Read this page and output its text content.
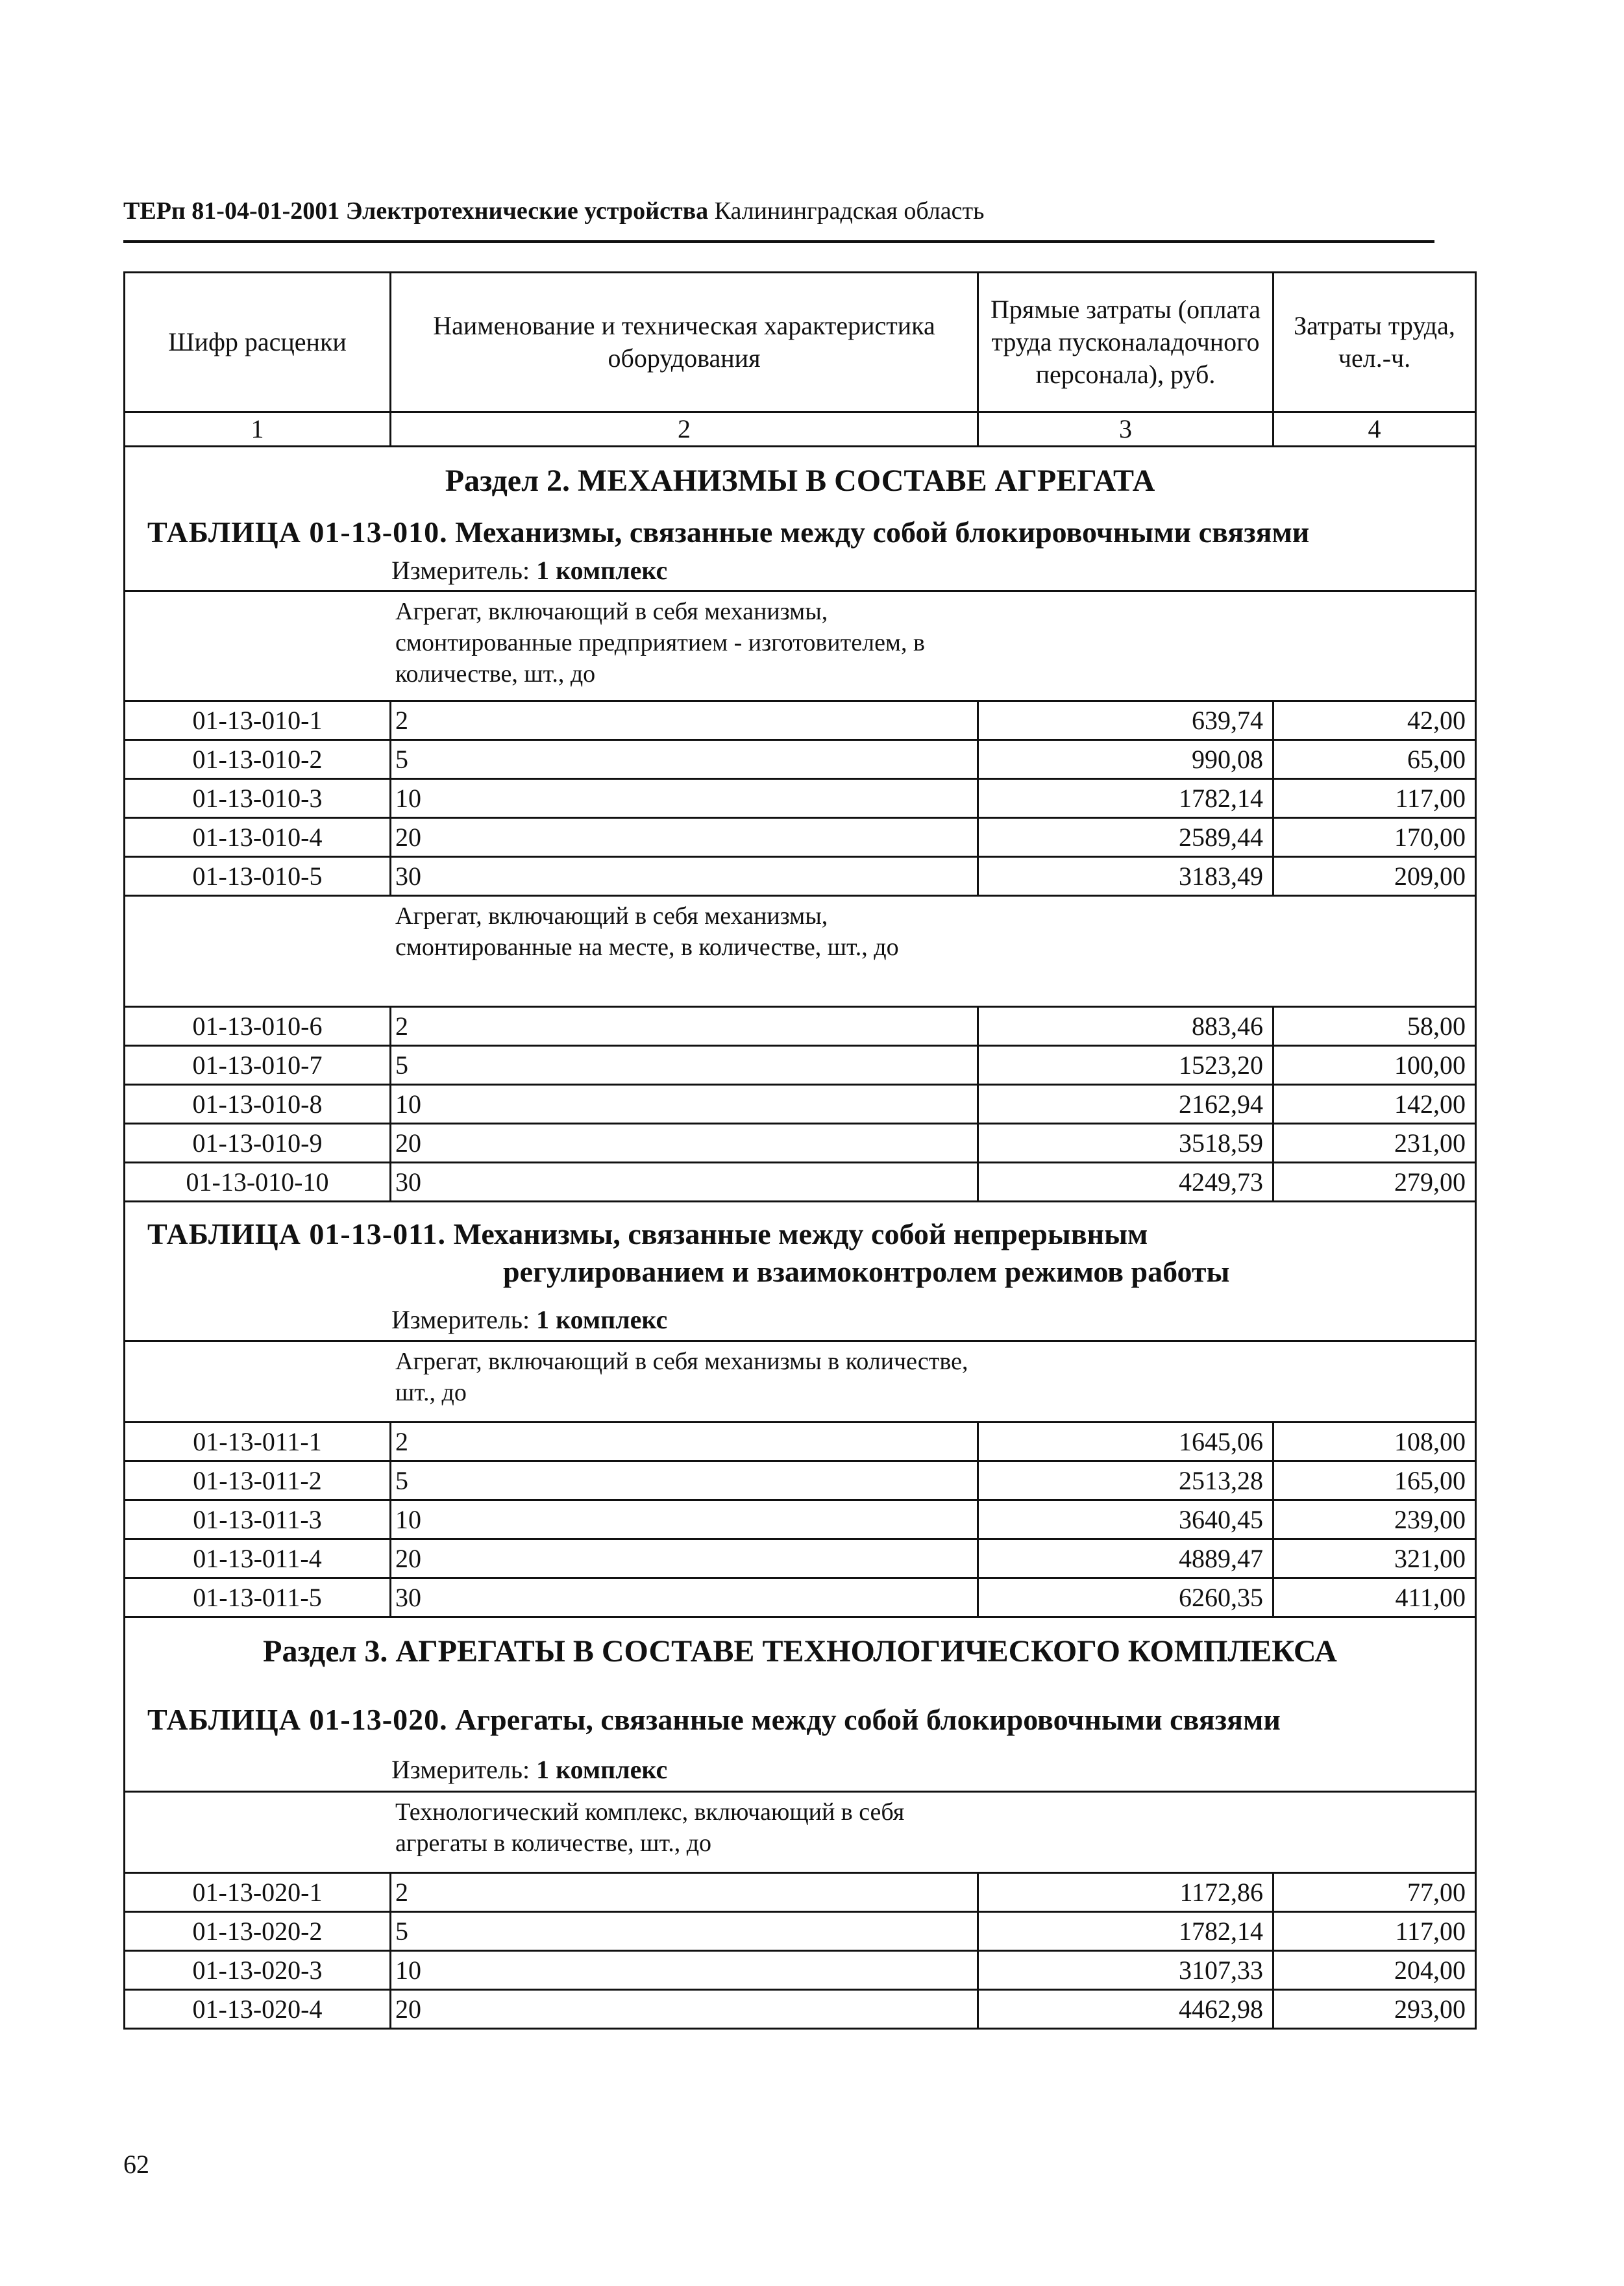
ТЕРп 81-04-01-2001 Электротехнические устройства Калининградская область
Шифр расценки	Наименование и техническая характеристика оборудования	Прямые затраты (оплата труда пусконаладочного персонала), руб.	Затраты труда, чел.-ч.
1	2	3	4

Раздел 2. МЕХАНИЗМЫ В СОСТАВЕ АГРЕГАТА
ТАБЛИЦА 01-13-010. Механизмы, связанные между собой блокировочными связями			

Измеритель: 1 комплекс			

Агрегат, включающий в себя механизмы, смонтированные предприятием - изготовителем, в количестве, шт., до			

01-13-010-1	2	639,74	42,00
01-13-010-2	5	990,08	65,00
01-13-010-3	10	1782,14	117,00
01-13-010-4	20	2589,44	170,00
01-13-010-5	30	3183,49	209,00

Агрегат, включающий в себя механизмы, смонтированные на месте, в количестве, шт., до			

01-13-010-6	2	883,46	58,00
01-13-010-7	5	1523,20	100,00
01-13-010-8	10	2162,94	142,00
01-13-010-9	20	3518,59	231,00
01-13-010-10	30	4249,73	279,00

ТАБЛИЦА 01-13-011. Механизмы, связанные между собой непрерывным
регулированием и взаимоконтролем режимов работы			

Измеритель: 1 комплекс			

Агрегат, включающий в себя механизмы в количестве, шт., до			

01-13-011-1	2	1645,06	108,00
01-13-011-2	5	2513,28	165,00
01-13-011-3	10	3640,45	239,00
01-13-011-4	20	4889,47	321,00
01-13-011-5	30	6260,35	411,00

Раздел 3. АГРЕГАТЫ В СОСТАВЕ ТЕХНОЛОГИЧЕСКОГО КОМПЛЕКСА
ТАБЛИЦА 01-13-020. Агрегаты, связанные между собой блокировочными связями			

Измеритель: 1 комплекс			

Технологический комплекс, включающий в себя агрегаты в количестве, шт., до			

01-13-020-1	2	1172,86	77,00
01-13-020-2	5	1782,14	117,00
01-13-020-3	10	3107,33	204,00
01-13-020-4	20	4462,98	293,00
62
